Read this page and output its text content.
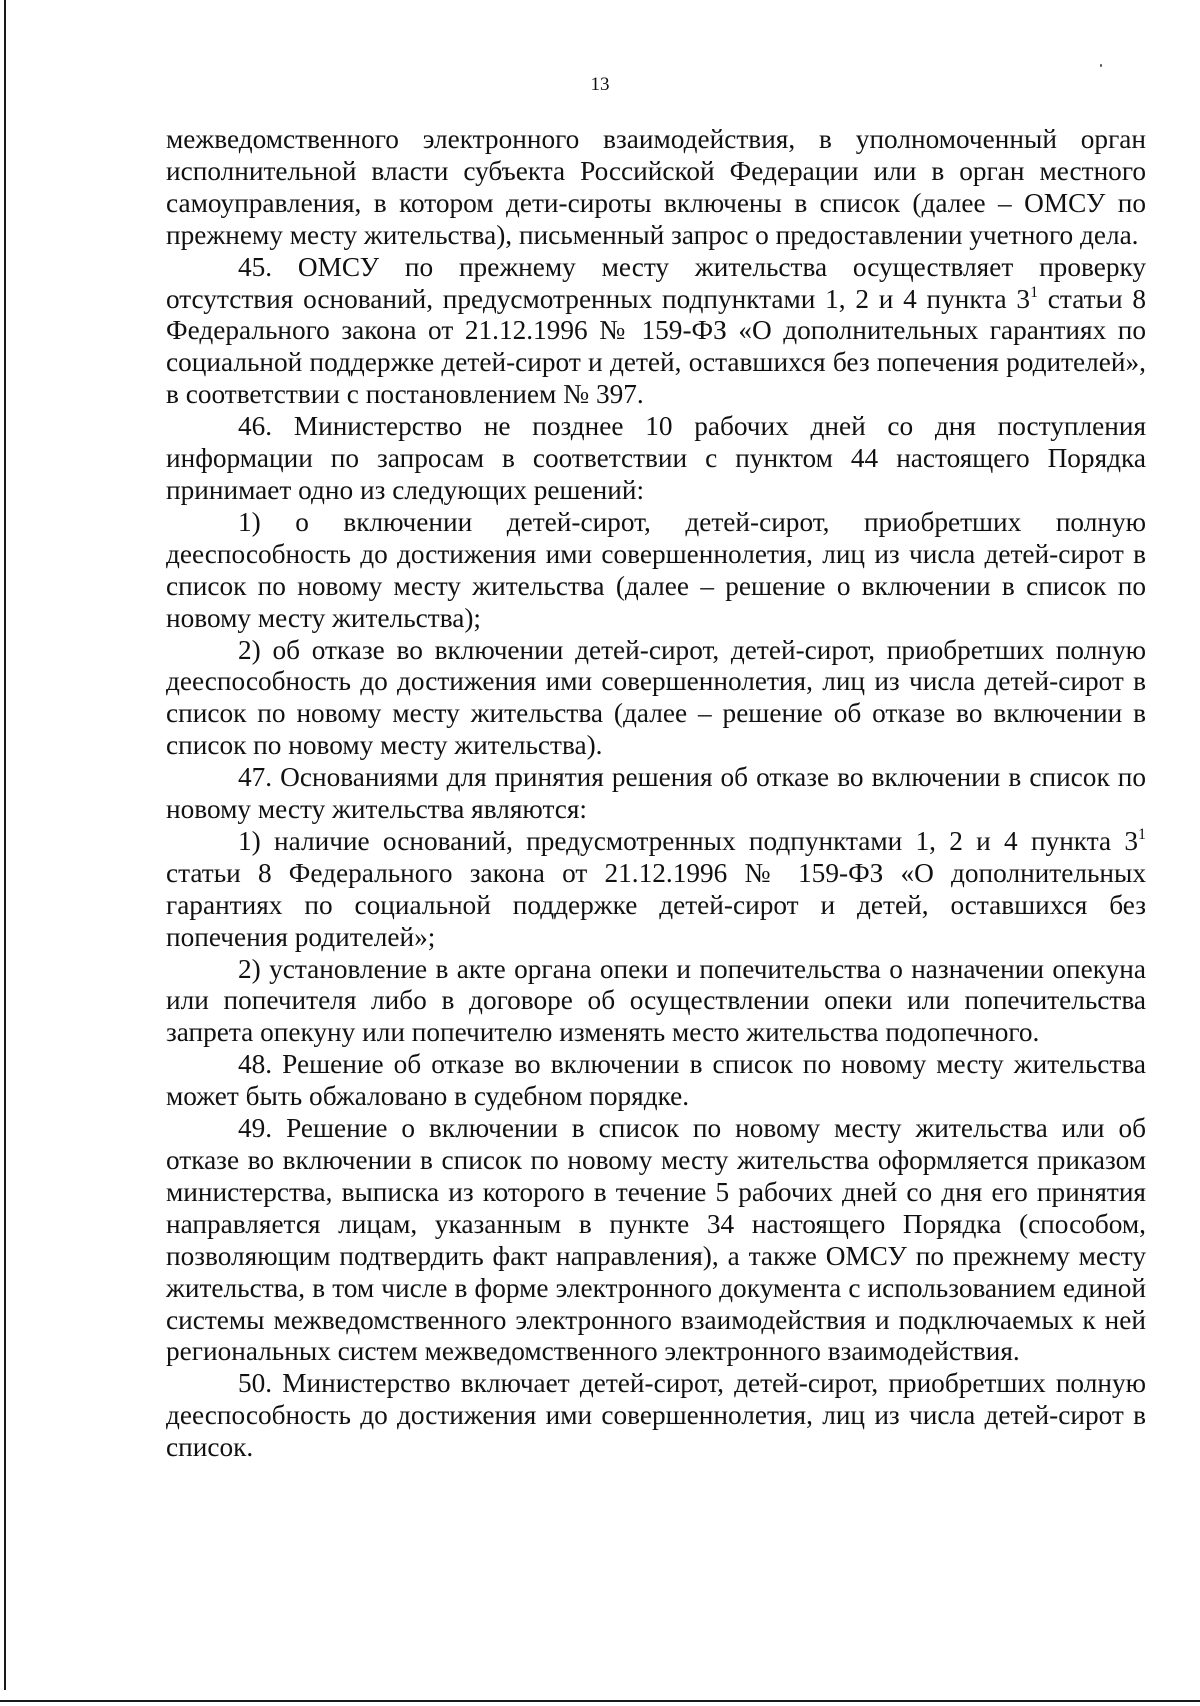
13

межведомственного электронного взаимодействия, в уполномоченный орган исполнительной власти субъекта Российской Федерации или в орган местного самоуправления, в котором дети-сироты включены в список (далее – ОМСУ по прежнему месту жительства), письменный запрос о предоставлении учетного дела.

45. ОМСУ по прежнему месту жительства осуществляет проверку отсутствия оснований, предусмотренных подпунктами 1, 2 и 4 пункта $3^1$ статьи 8 Федерального закона от 21.12.1996 № 159-ФЗ «О дополнительных гарантиях по социальной поддержке детей-сирот и детей, оставшихся без попечения родителей», в соответствии с постановлением № 397.

46. Министерство не позднее 10 рабочих дней со дня поступления информации по запросам в соответствии с пунктом 44 настоящего Порядка принимает одно из следующих решений:

1) о включении детей-сирот, детей-сирот, приобретших полную дееспособность до достижения ими совершеннолетия, лиц из числа детей-сирот в список по новому месту жительства (далее – решение о включении в список по новому месту жительства);

2) об отказе во включении детей-сирот, детей-сирот, приобретших полную дееспособность до достижения ими совершеннолетия, лиц из числа детей-сирот в список по новому месту жительства (далее – решение об отказе во включении в список по новому месту жительства).

47. Основаниями для принятия решения об отказе во включении в список по новому месту жительства являются:

1) наличие оснований, предусмотренных подпунктами 1, 2 и 4 пункта $3^1$ статьи 8 Федерального закона от 21.12.1996 № 159-ФЗ «О дополнительных гарантиях по социальной поддержке детей-сирот и детей, оставшихся без попечения родителей»;

2) установление в акте органа опеки и попечительства о назначении опекуна или попечителя либо в договоре об осуществлении опеки или попечительства запрета опекуну или попечителю изменять место жительства подопечного.

48. Решение об отказе во включении в список по новому месту жительства может быть обжаловано в судебном порядке.

49. Решение о включении в список по новому месту жительства или об отказе во включении в список по новому месту жительства оформляется приказом министерства, выписка из которого в течение 5 рабочих дней со дня его принятия направляется лицам, указанным в пункте 34 настоящего Порядка (способом, позволяющим подтвердить факт направления), а также ОМСУ по прежнему месту жительства, в том числе в форме электронного документа с использованием единой системы межведомственного электронного взаимодействия и подключаемых к ней региональных систем межведомственного электронного взаимодействия.

50. Министерство включает детей-сирот, детей-сирот, приобретших полную дееспособность до достижения ими совершеннолетия, лиц из числа детей-сирот в список.
